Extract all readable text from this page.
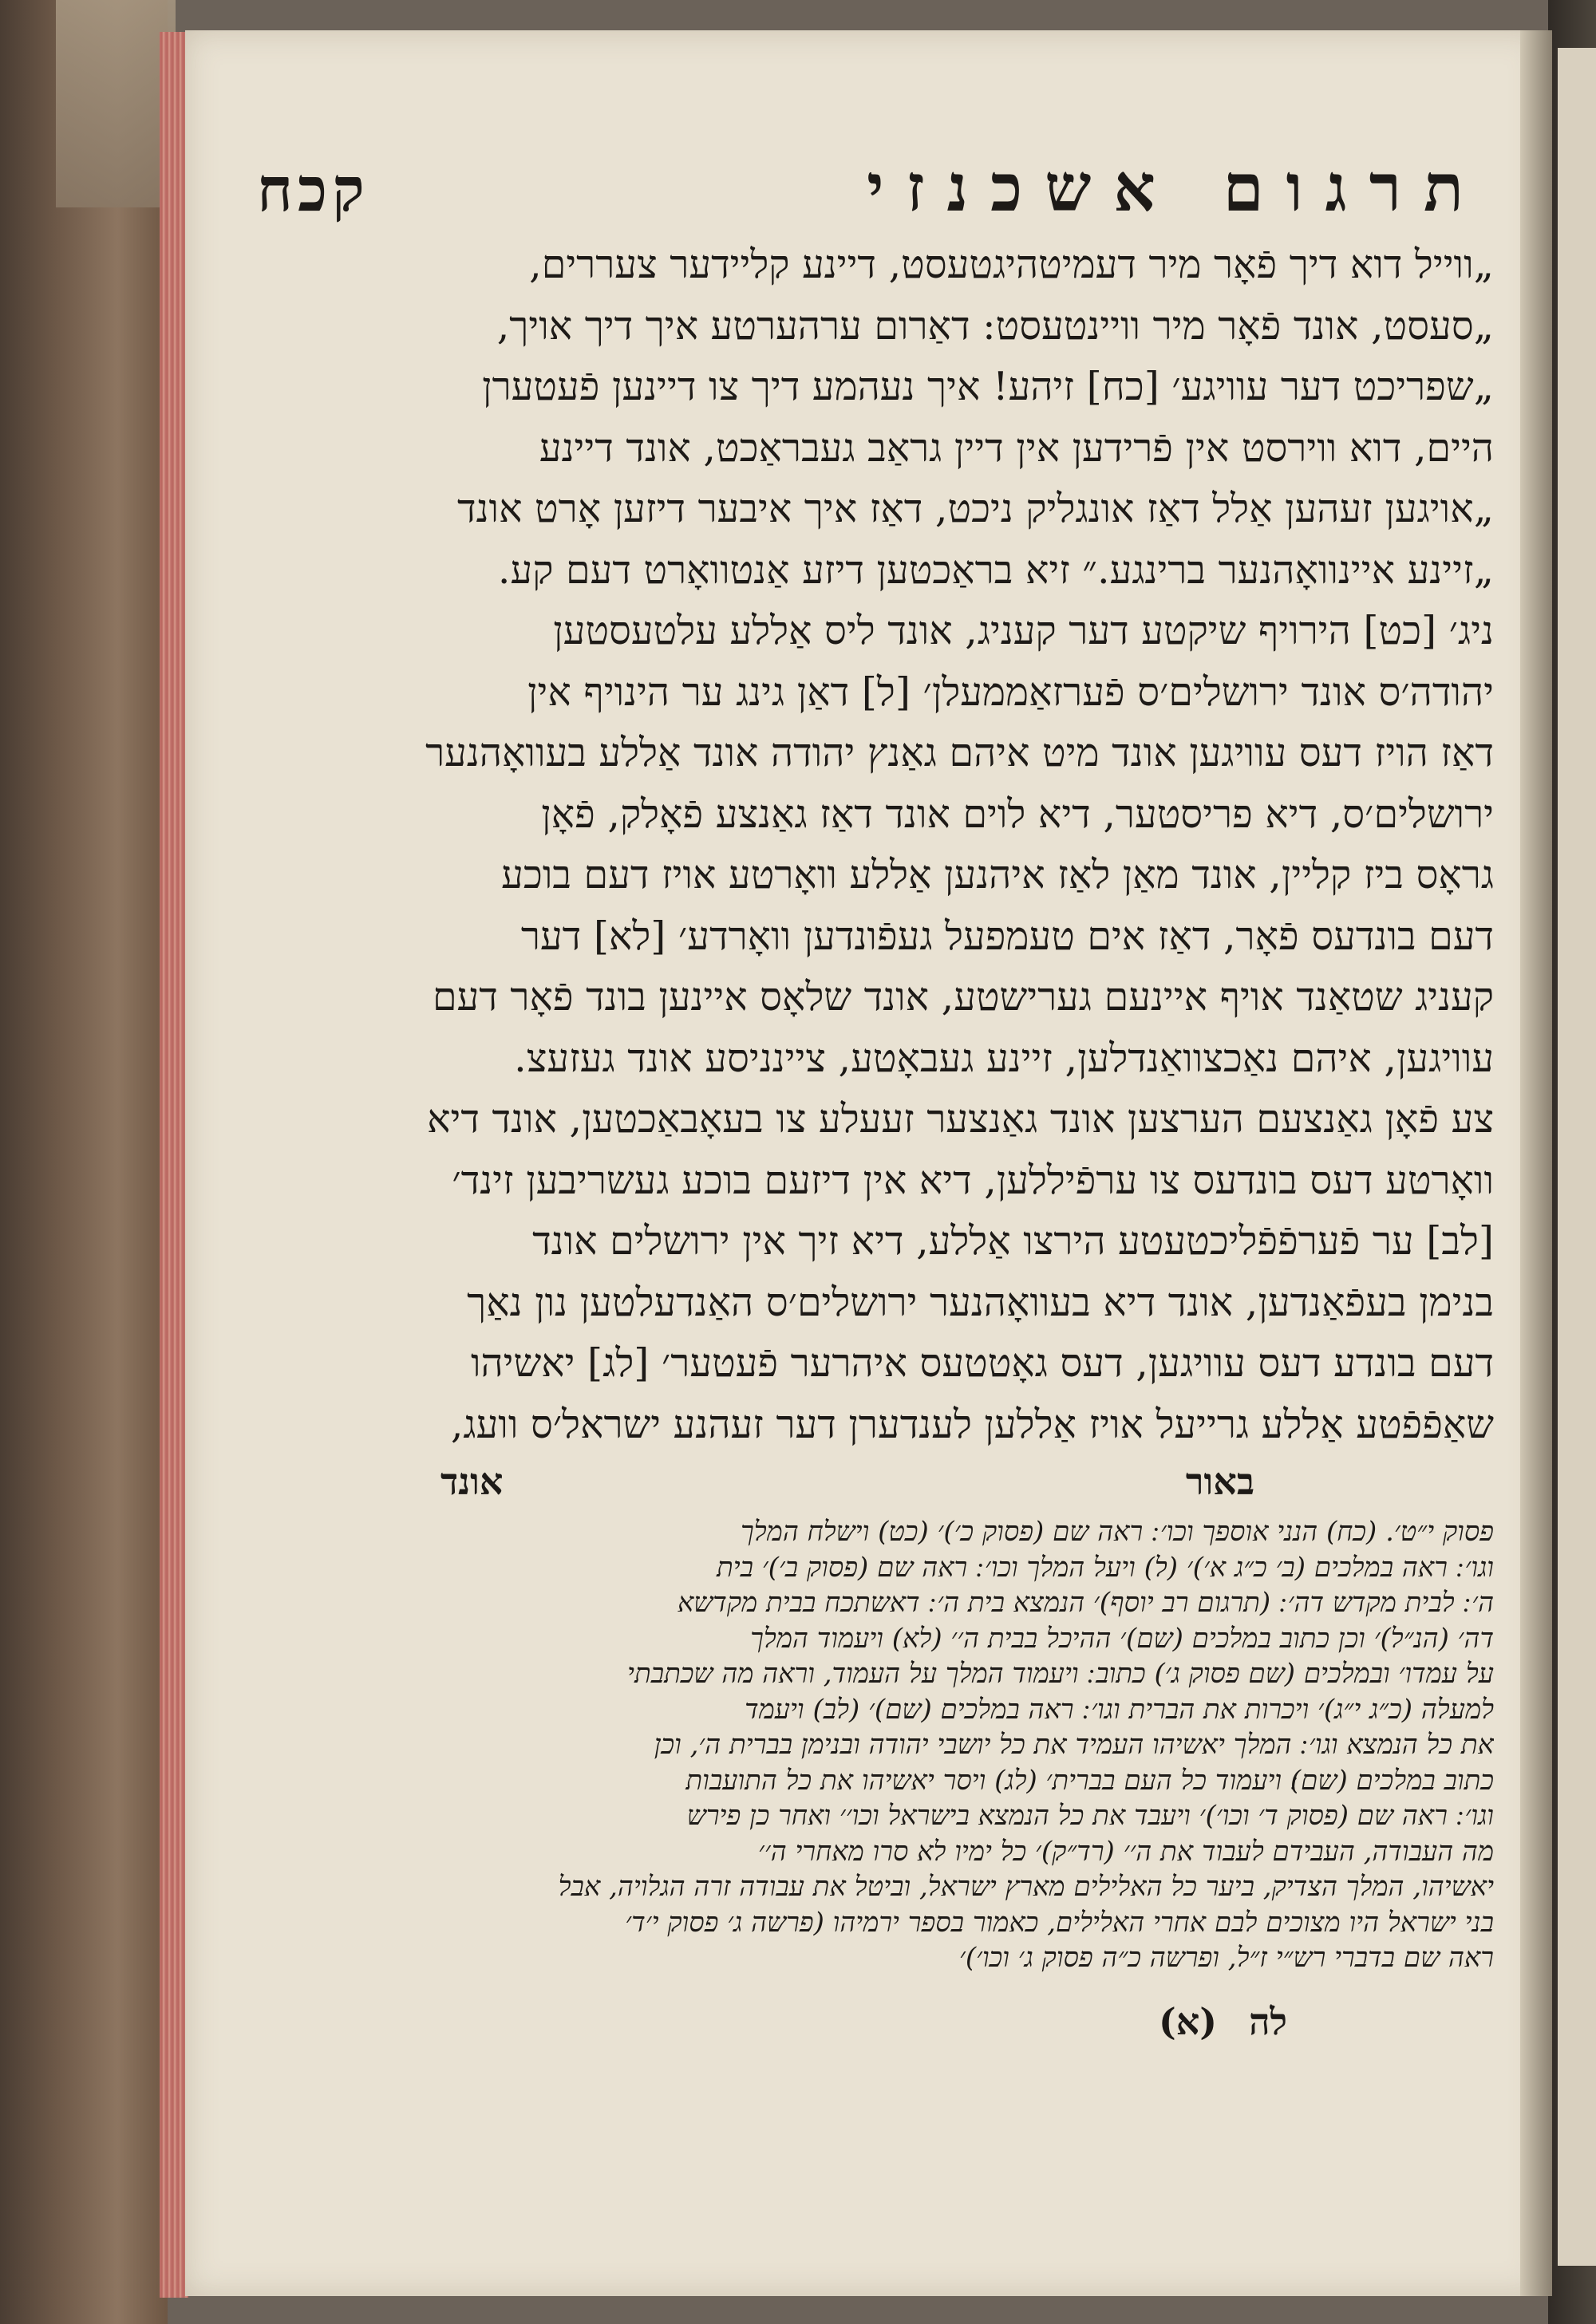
תרגום אשכנזי
קכח
„ווייל דוא דיך פֿאָר מיר דעמיטהיגטעסט, דיינע קליידער צעררים,
„סעסט, אונד פֿאָר מיר וויינטעסט: דאַרום ערהערטע איך דיך אויך,
„שפריכט דער עוויגע׳ [כח] זיהע! איך נעהמע דיך צו דיינען פֿעטערן
היים, דוא ווירסט אין פֿרידען אין דיין גראַב געבראַכט, אונד דיינע
„אויגען זעהען אַלל דאַז אונגליק ניכט, דאַז איך איבער דיזען אָרט אונד
„זיינע איינוואָהנער ברינגע.״ זיא בראַכטען דיזע אַנטוואָרט דעם קע.
ניג׳ [כט] הירויף שיקטע דער קעניג, אונד ליס אַללע עלטעסטען
יהודה׳ס אונד ירושלים׳ס פֿערזאַממעלן׳ [ל] דאַן גינג ער הינויף אין
דאַז הויז דעס עוויגען אונד מיט איהם גאַנץ יהודה אונד אַללע בעוואָהנער
ירושלים׳ס, דיא פריסטער, דיא לוים אונד דאַז גאַנצע פֿאָלק, פֿאָן
גראָס ביז קליין, אונד מאַן לאַז איהנען אַללע וואָרטע אויז דעם בוכע
דעם בונדעס פֿאָר, דאַז אים טעמפעל געפֿונדען וואָרדע׳ [לא] דער
קעניג שטאַנד אויף איינעם גערישטע, אונד שלאָס איינען בונד פֿאָר דעם
עוויגען, איהם נאַכצוואַנדלען, זיינע געבאָטע, ציינניסע אונד געזעצ.
צע פֿאָן גאַנצעם הערצען אונד גאַנצער זעעלע צו בעאָבאַכטען, אונד דיא
וואָרטע דעס בונדעס צו ערפֿיללען, דיא אין דיזעם בוכע געשריבען זינד׳
[לב] ער פֿערפֿפֿליכטעטע הירצו אַללע, דיא זיך אין ירושלים אונד
בנימן בעפֿאַנדען, אונד דיא בעוואָהנער ירושלים׳ס האַנדעלטען נון נאַך
דעם בונדע דעס עוויגען, דעס גאָטטעס איהרער פֿעטער׳ [לג] יאשיהו
שאַפֿפֿטע אַללע גרייעל אויז אַללען לענדערן דער זעהנע ישראל׳ס וועג,
באור
אונד
פסוק י״ט׳. (כח) הנני אוספך וכו׳ ׃ ראה שם (פסוק כ׳)׳ (כט) וישלח המלך
וגו׳ ׃ ראה במלכים (ב׳ כ״ג א׳)׳ (ל) ויעל המלך וכו׳ ׃ ראה שם (פסוק ב׳)׳ בית
ה׳ ׃ לבית מקדש דה׳ ׃ (תרגום רב יוסף)׳ הנמצא בית ה׳ ׃ דאשתכח בבית מקדשא
דה׳ (הנ״ל)׳ וכן כתוב במלכים (שם)׳ ההיכל בבית ה׳׳ (לא) ויעמוד המלך
על עמדו׳ ובמלכים (שם פסוק ג׳) כתוב ׃ ויעמוד המלך על העמוד, וראה מה שכתבתי
למעלה (כ״ג י״ג)׳ ויכרות את הברית וגו׳ ׃ ראה במלכים (שם)׳ (לב) ויעמד
את כל הנמצא וגו׳ ׃ המלך יאשיהו העמיד את כל יושבי יהודה ובנימן בברית ה׳, וכן
כתוב במלכים (שם)׃ ויעמוד כל העם בברית׳ (לג) ויסר יאשיהו את כל התועבות
וגו׳ ׃ ראה שם (פסוק ד׳ וכו׳)׳ ויעבד את כל הנמצא בישראל וכו׳׳ ואחר כן פירש
מה העבודה, העבידם לעבוד את ה׳׳ (רד״ק)׳ כל ימיו לא סרו מאחרי ה׳׳
יאשיהו, המלך הצדיק, ביער כל האלילים מארץ ישראל, וביטל את עבודה זרה הגלויה, אבל
בני ישראל היו מצוכים לבם אחרי האלילים, כאמור בספר ירמיהו (פרשה ג׳ פסוק י׳ד׳
ראה שם בדברי רש״י ז״ל, ופרשה כ״ה פסוק ג׳ וכו׳)׳
לה
(א)
